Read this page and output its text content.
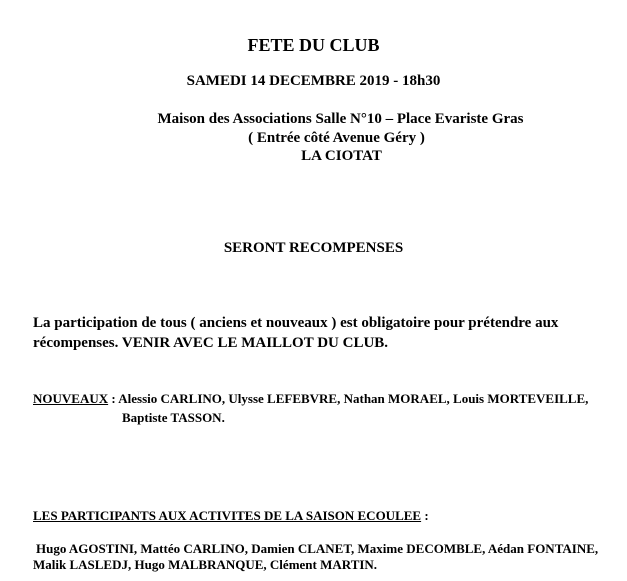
FETE DU CLUB
SAMEDI 14 DECEMBRE 2019 - 18h30
Maison des Associations Salle N°10 – Place Evariste Gras
( Entrée côté Avenue Géry )
LA CIOTAT
SERONT RECOMPENSES
La participation de tous ( anciens et nouveaux ) est obligatoire pour prétendre aux
récompenses. VENIR AVEC LE MAILLOT DU CLUB.
NOUVEAUX : Alessio CARLINO, Ulysse LEFEBVRE, Nathan MORAEL, Louis MORTEVEILLE,
Baptiste TASSON.
LES PARTICIPANTS AUX ACTIVITES DE LA SAISON ECOULEE :
Hugo AGOSTINI, Mattéo CARLINO, Damien CLANET, Maxime DECOMBLE, Aédan FONTAINE,
Malik LASLEDJ, Hugo MALBRANQUE, Clément MARTIN.
